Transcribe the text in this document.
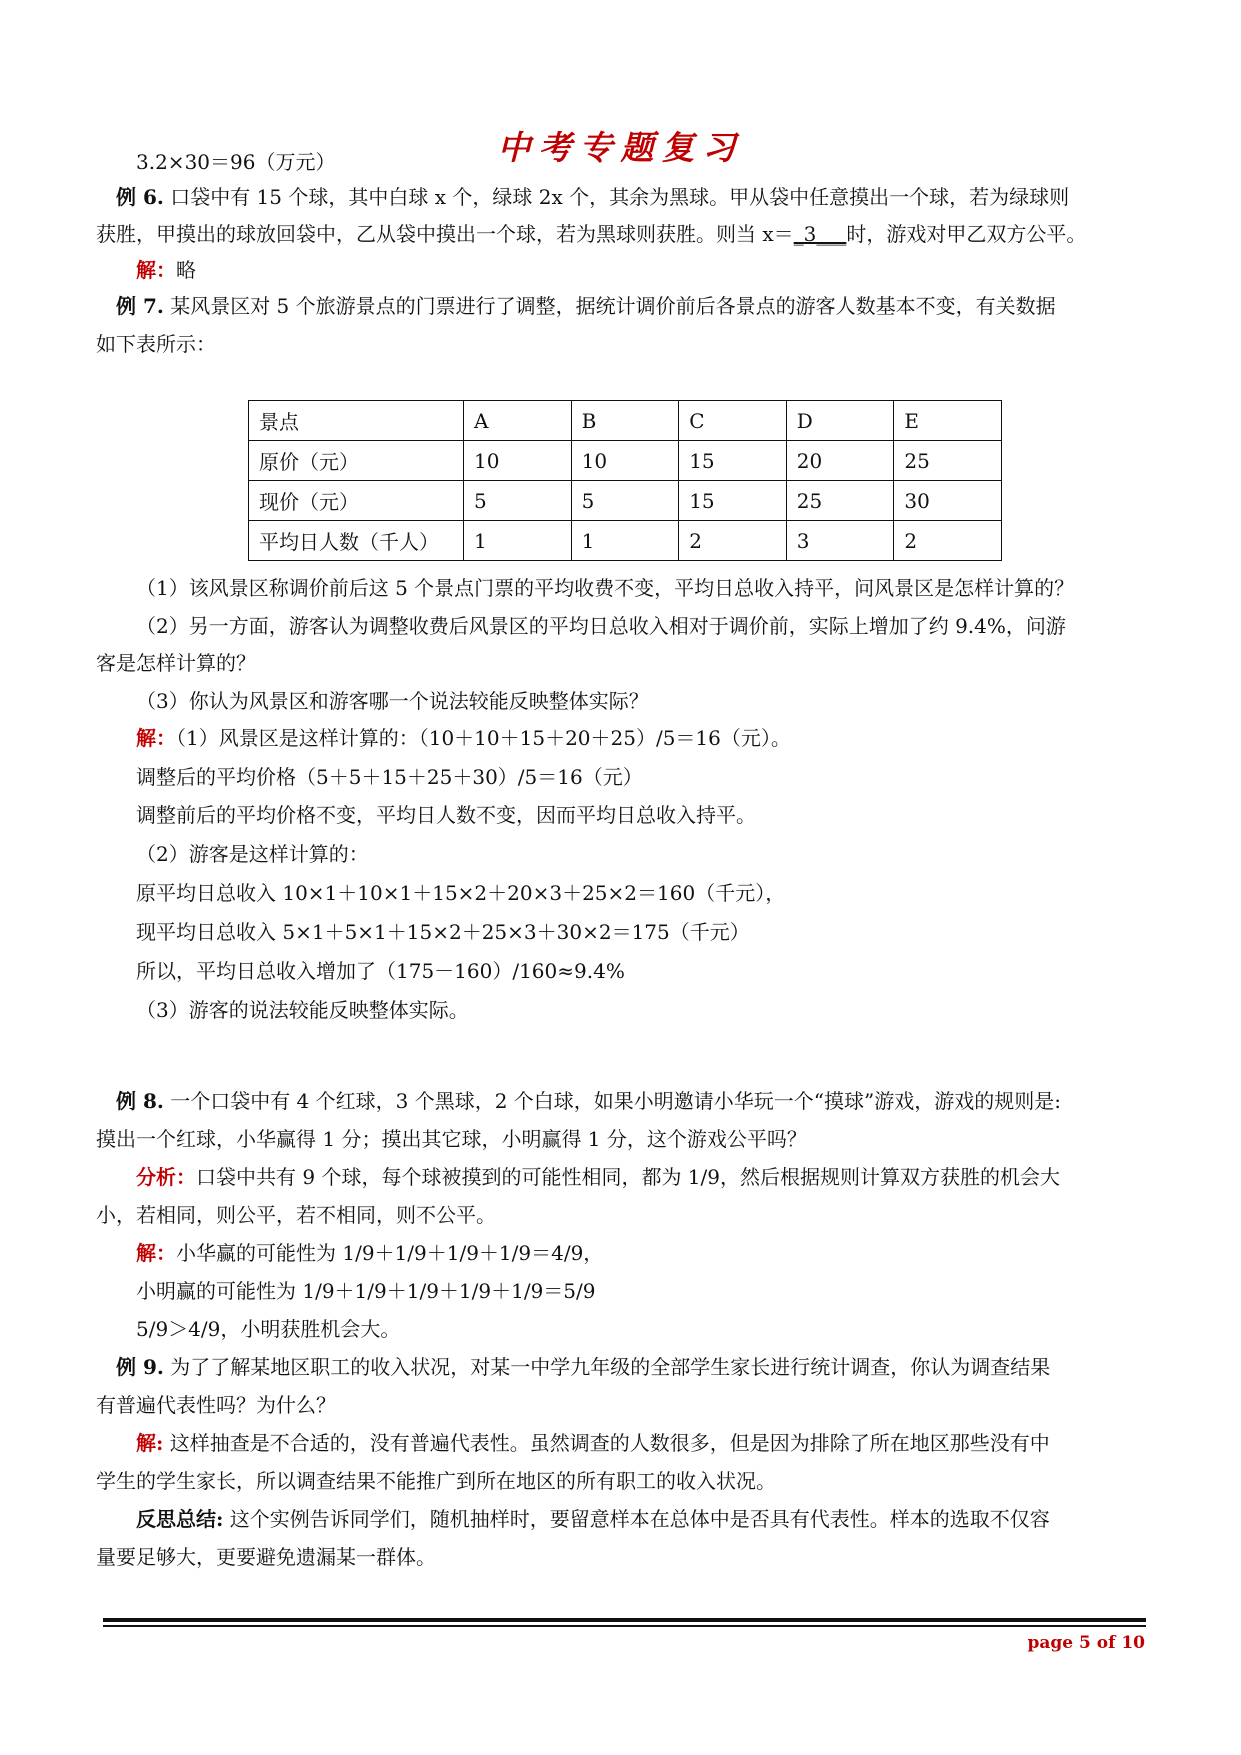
中考专题复习
3.2×30＝96（万元）
例 6. 口袋中有 15 个球，其中白球 x 个，绿球 2x 个，其余为黑球。甲从袋中任意摸出一个球，若为绿球则
获胜，甲摸出的球放回袋中，乙从袋中摸出一个球，若为黑球则获胜。则当 x＝_3___时，游戏对甲乙双方公平。
解：略
例 7. 某风景区对 5 个旅游景点的门票进行了调整，据统计调价前后各景点的游客人数基本不变，有关数据
如下表所示：
景点	A	B	C	D	E
原价（元）	10	10	15	20	25
现价（元）	5	5	15	25	30
平均日人数（千人）	1	1	2	3	2
（1）该风景区称调价前后这 5 个景点门票的平均收费不变，平均日总收入持平，问风景区是怎样计算的？
（2）另一方面，游客认为调整收费后风景区的平均日总收入相对于调价前，实际上增加了约 9.4%，问游
客是怎样计算的？
（3）你认为风景区和游客哪一个说法较能反映整体实际？
解：（1）风景区是这样计算的：（10＋10＋15＋20＋25）/5＝16（元）。
调整后的平均价格（5＋5＋15＋25＋30）/5＝16（元）
调整前后的平均价格不变，平均日人数不变，因而平均日总收入持平。
（2）游客是这样计算的：
原平均日总收入 10×1＋10×1＋15×2＋20×3＋25×2＝160（千元），
现平均日总收入 5×1＋5×1＋15×2＋25×3＋30×2＝175（千元）
所以，平均日总收入增加了（175－160）/160≈9.4%
（3）游客的说法较能反映整体实际。
例 8. 一个口袋中有 4 个红球，3 个黑球，2 个白球，如果小明邀请小华玩一个“摸球”游戏，游戏的规则是:
摸出一个红球，小华赢得 1 分；摸出其它球，小明赢得 1 分，这个游戏公平吗？
分析：口袋中共有 9 个球，每个球被摸到的可能性相同，都为 1/9，然后根据规则计算双方获胜的机会大
小，若相同，则公平，若不相同，则不公平。
解：小华赢的可能性为 1/9＋1/9＋1/9＋1/9＝4/9，
小明赢的可能性为 1/9＋1/9＋1/9＋1/9＋1/9＝5/9
5/9＞4/9，小明获胜机会大。
例 9. 为了了解某地区职工的收入状况，对某一中学九年级的全部学生家长进行统计调查，你认为调查结果
有普遍代表性吗？为什么？
解: 这样抽查是不合适的，没有普遍代表性。虽然调查的人数很多，但是因为排除了所在地区那些没有中
学生的学生家长，所以调查结果不能推广到所在地区的所有职工的收入状况。
反思总结: 这个实例告诉同学们，随机抽样时，要留意样本在总体中是否具有代表性。样本的选取不仅容
量要足够大，更要避免遗漏某一群体。
page 5 of 10
